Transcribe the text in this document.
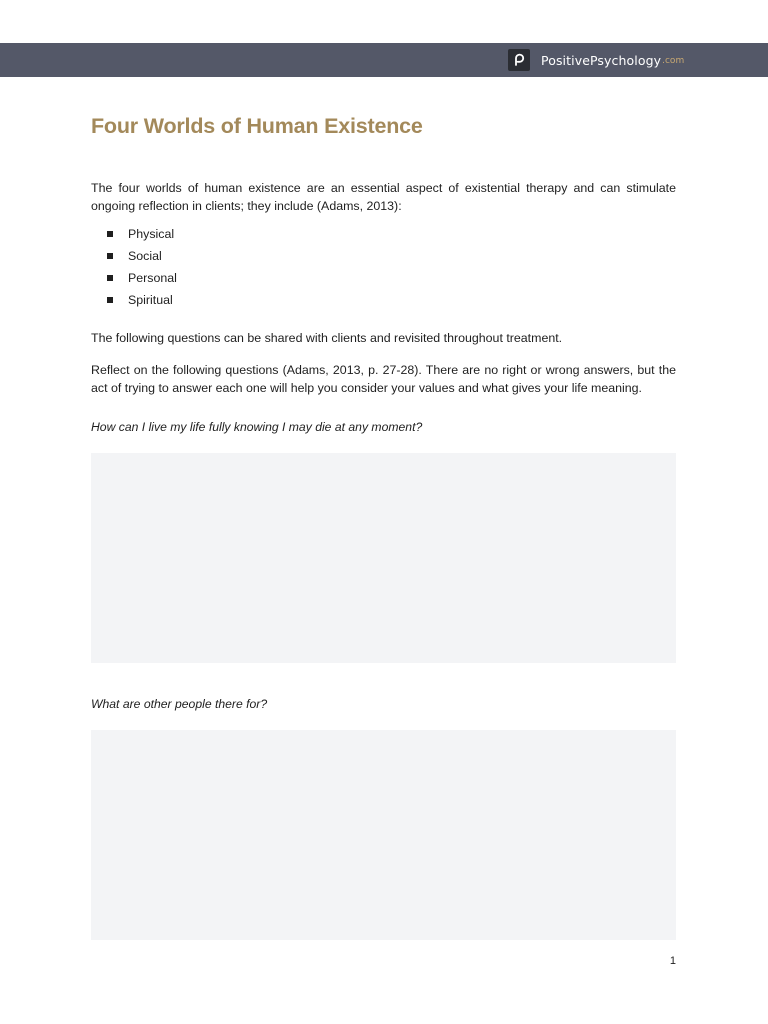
PositivePsychology .com
Four Worlds of Human Existence

The four worlds of human existence are an essential aspect of existential therapy and can stimulate ongoing reflection in clients; they include (Adams, 2013):

Physical
Social
Personal
Spiritual

The following questions can be shared with clients and revisited throughout treatment.

Reflect on the following questions (Adams, 2013, p. 27-28). There are no right or wrong answers, but the act of trying to answer each one will help you consider your values and what gives your life meaning.

How can I live my life fully knowing I may die at any moment?

What are other people there for?

1
